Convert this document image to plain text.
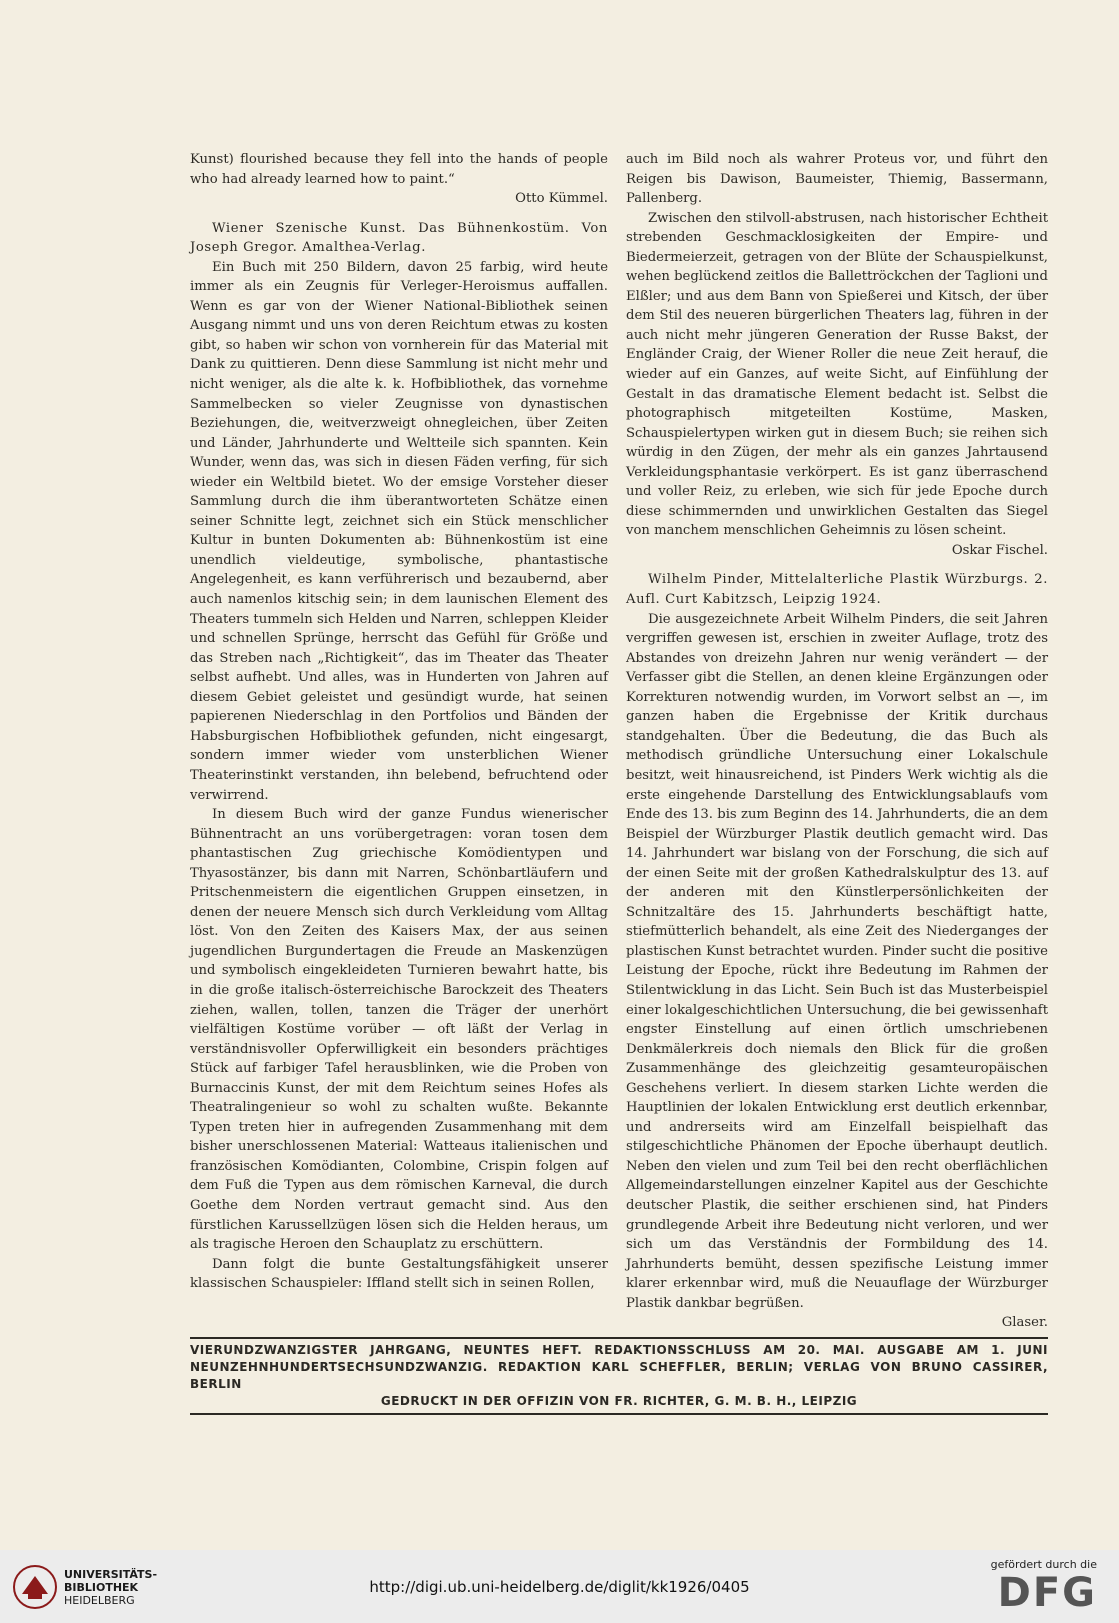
Kunst) flourished because they fell into the hands of people who had already learned how to paint.“

Otto Kümmel.

Wiener Szenische Kunst. Das Bühnenkostüm. Von Joseph Gregor. Amalthea-Verlag.

Ein Buch mit 250 Bildern, davon 25 farbig, wird heute immer als ein Zeugnis für Verleger-Heroismus auffallen. Wenn es gar von der Wiener National-Bibliothek seinen Ausgang nimmt und uns von deren Reichtum etwas zu kosten gibt, so haben wir schon von vornherein für das Material mit Dank zu quittieren. Denn diese Sammlung ist nicht mehr und nicht weniger, als die alte k. k. Hofbibliothek, das vornehme Sammelbecken so vieler Zeugnisse von dynastischen Beziehungen, die, weitverzweigt ohnegleichen, über Zeiten und Länder, Jahrhunderte und Weltteile sich spannten. Kein Wunder, wenn das, was sich in diesen Fäden verfing, für sich wieder ein Weltbild bietet. Wo der emsige Vorsteher dieser Sammlung durch die ihm überantworteten Schätze einen seiner Schnitte legt, zeichnet sich ein Stück menschlicher Kultur in bunten Dokumenten ab: Bühnenkostüm ist eine unendlich vieldeutige, symbolische, phantastische Angelegenheit, es kann verführerisch und bezaubernd, aber auch namenlos kitschig sein; in dem launischen Element des Theaters tummeln sich Helden und Narren, schleppen Kleider und schnellen Sprünge, herrscht das Gefühl für Größe und das Streben nach „Richtigkeit“, das im Theater das Theater selbst aufhebt. Und alles, was in Hunderten von Jahren auf diesem Gebiet geleistet und gesündigt wurde, hat seinen papierenen Niederschlag in den Portfolios und Bänden der Habsburgischen Hofbibliothek gefunden, nicht eingesargt, sondern immer wieder vom unsterblichen Wiener Theaterinstinkt verstanden, ihn belebend, befruchtend oder verwirrend.

In diesem Buch wird der ganze Fundus wienerischer Bühnentracht an uns vorübergetragen: voran tosen dem phantastischen Zug griechische Komödientypen und Thyasostänzer, bis dann mit Narren, Schönbartläufern und Pritschenmeistern die eigentlichen Gruppen einsetzen, in denen der neuere Mensch sich durch Verkleidung vom Alltag löst. Von den Zeiten des Kaisers Max, der aus seinen jugendlichen Burgundertagen die Freude an Maskenzügen und symbolisch eingekleideten Turnieren bewahrt hatte, bis in die große italisch-österreichische Barockzeit des Theaters ziehen, wallen, tollen, tanzen die Träger der unerhört vielfältigen Kostüme vorüber — oft läßt der Verlag in verständnisvoller Opferwilligkeit ein besonders prächtiges Stück auf farbiger Tafel herausblinken, wie die Proben von Burnaccinis Kunst, der mit dem Reichtum seines Hofes als Theatralingenieur so wohl zu schalten wußte. Bekannte Typen treten hier in aufregenden Zusammenhang mit dem bisher unerschlossenen Material: Watteaus italienischen und französischen Komödianten, Colombine, Crispin folgen auf dem Fuß die Typen aus dem römischen Karneval, die durch Goethe dem Norden vertraut gemacht sind. Aus den fürstlichen Karussellzügen lösen sich die Helden heraus, um als tragische Heroen den Schauplatz zu erschüttern.

Dann folgt die bunte Gestaltungsfähigkeit unserer klassischen Schauspieler: Iffland stellt sich in seinen Rollen,

auch im Bild noch als wahrer Proteus vor, und führt den Reigen bis Dawison, Baumeister, Thiemig, Bassermann, Pallenberg.

Zwischen den stilvoll-abstrusen, nach historischer Echtheit strebenden Geschmacklosigkeiten der Empire- und Biedermeierzeit, getragen von der Blüte der Schauspielkunst, wehen beglückend zeitlos die Ballettröckchen der Taglioni und Elßler; und aus dem Bann von Spießerei und Kitsch, der über dem Stil des neueren bürgerlichen Theaters lag, führen in der auch nicht mehr jüngeren Generation der Russe Bakst, der Engländer Craig, der Wiener Roller die neue Zeit herauf, die wieder auf ein Ganzes, auf weite Sicht, auf Einfühlung der Gestalt in das dramatische Element bedacht ist. Selbst die photographisch mitgeteilten Kostüme, Masken, Schauspielertypen wirken gut in diesem Buch; sie reihen sich würdig in den Zügen, der mehr als ein ganzes Jahrtausend Verkleidungsphantasie verkörpert. Es ist ganz überraschend und voller Reiz, zu erleben, wie sich für jede Epoche durch diese schimmernden und unwirklichen Gestalten das Siegel von manchem menschlichen Geheimnis zu lösen scheint.

Oskar Fischel.

Wilhelm Pinder, Mittelalterliche Plastik Würzburgs. 2. Aufl. Curt Kabitzsch, Leipzig 1924.

Die ausgezeichnete Arbeit Wilhelm Pinders, die seit Jahren vergriffen gewesen ist, erschien in zweiter Auflage, trotz des Abstandes von dreizehn Jahren nur wenig verändert — der Verfasser gibt die Stellen, an denen kleine Ergänzungen oder Korrekturen notwendig wurden, im Vorwort selbst an —, im ganzen haben die Ergebnisse der Kritik durchaus standgehalten. Über die Bedeutung, die das Buch als methodisch gründliche Untersuchung einer Lokalschule besitzt, weit hinausreichend, ist Pinders Werk wichtig als die erste eingehende Darstellung des Entwicklungsablaufs vom Ende des 13. bis zum Beginn des 14. Jahrhunderts, die an dem Beispiel der Würzburger Plastik deutlich gemacht wird. Das 14. Jahrhundert war bislang von der Forschung, die sich auf der einen Seite mit der großen Kathedralskulptur des 13. auf der anderen mit den Künstlerpersönlichkeiten der Schnitzaltäre des 15. Jahrhunderts beschäftigt hatte, stiefmütterlich behandelt, als eine Zeit des Niederganges der plastischen Kunst betrachtet wurden. Pinder sucht die positive Leistung der Epoche, rückt ihre Bedeutung im Rahmen der Stilentwicklung in das Licht. Sein Buch ist das Musterbeispiel einer lokalgeschichtlichen Untersuchung, die bei gewissenhaft engster Einstellung auf einen örtlich umschriebenen Denkmälerkreis doch niemals den Blick für die großen Zusammenhänge des gleichzeitig gesamteuropäischen Geschehens verliert. In diesem starken Lichte werden die Hauptlinien der lokalen Entwicklung erst deutlich erkennbar, und andrerseits wird am Einzelfall beispielhaft das stilgeschichtliche Phänomen der Epoche überhaupt deutlich. Neben den vielen und zum Teil bei den recht oberflächlichen Allgemeindarstellungen einzelner Kapitel aus der Geschichte deutscher Plastik, die seither erschienen sind, hat Pinders grundlegende Arbeit ihre Bedeutung nicht verloren, und wer sich um das Verständnis der Formbildung des 14. Jahrhunderts bemüht, dessen spezifische Leistung immer klarer erkennbar wird, muß die Neuauflage der Würzburger Plastik dankbar begrüßen.

Glaser.

VIERUNDZWANZIGSTER JAHRGANG, NEUNTES HEFT. REDAKTIONSSCHLUSS AM 20. MAI. AUSGABE AM 1. JUNI NEUNZEHNHUNDERTSECHSUNDZWANZIG. REDAKTION KARL SCHEFFLER, BERLIN; VERLAG VON BRUNO CASSIRER, BERLIN
GEDRUCKT IN DER OFFIZIN VON FR. RICHTER, G. M. B. H., LEIPZIG
UNIVERSITÄTS-
BIBLIOTHEK
HEIDELBERG
http://digi.ub.uni-heidelberg.de/diglit/kk1926/0405
gefördert durch die
DFG
